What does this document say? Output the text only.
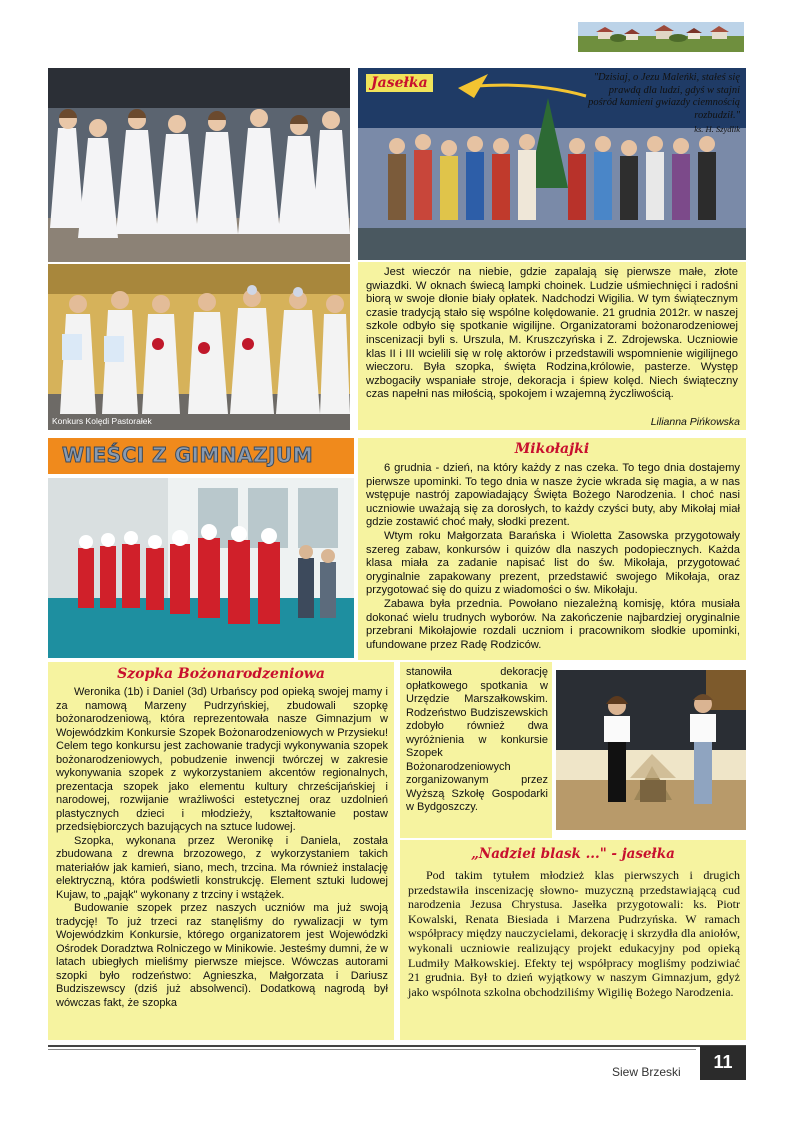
Konkurs Kolędi Pastorałek
Jasełka	"Dzisiaj, o Jezu Maleńki, stałeś się prawdą dla ludzi, gdyś w stajni pośród kamieni gwiazdy ciemnością rozbudził."
ks. H. Szydlik

Jest wieczór na niebie, gdzie zapalają się pierwsze małe, złote gwiazdki. W oknach świecą lampki choinek. Ludzie uśmiechnięci i radośni biorą w swoje dłonie biały opłatek. Nadchodzi Wigilia. W tym świątecznym czasie tradycją stało się wspólne kolędowanie. 21 grudnia 2012r. w naszej szkole odbyło się spotkanie wigilijne. Organizatorami bożonarodzeniowej inscenizacji byli s. Urszula, M. Kruszczyńska i Z. Zdrojewska. Uczniowie klas II i III wcielili się w rolę aktorów i przedstawili wspomnienie wigilijnego wieczoru. Była szopka, święta Rodzina,królowie, pasterze. Występ wzbogaciły wspaniałe stroje, dekoracja i śpiew kolęd. Niech świąteczny czas napełni nas miłością, spokojem i wzajemną życzliwością.

Lilianna Pińkowska
WIEŚCI Z GIMNAZJUM	Mikołajki

6 grudnia - dzień, na który każdy z nas czeka. To tego dnia dostajemy pierwsze upominki. To tego dnia w nasze życie wkrada się magia, a w nas wstępuje nastrój zapowiadający Święta Bożego Narodzenia. I choć nasi uczniowie uważają się za dorosłych, to każdy czyści buty, aby Mikołaj miał gdzie zostawić choć mały, słodki prezent.

Wtym roku Małgorzata Barańska i Wioletta Zasowska przygotowały szereg zabaw, konkursów i quizów dla naszych podopiecznych. Każda klasa miała za zadanie napisać list do św. Mikołaja, przygotować oryginalnie zapakowany prezent, przedstawić swojego Mikołaja, oraz przygotować się do quizu z wiadomości o św. Mikołaju.

Zabawa była przednia. Powołano niezależną komisję, która musiała dokonać wielu trudnych wyborów. Na zakończenie najbardziej oryginalnie przebrani Mikołajowie rozdali uczniom i pracownikom słodkie upominki, ufundowane przez Radę Rodziców.

Szopka Bożonarodzeniowa

Weronika (1b) i Daniel (3d) Urbańscy pod opieką swojej mamy i za namową Marzeny Pudrzyńskiej, zbudowali szopkę bożonarodzeniową, która reprezentowała nasze Gimnazjum w Wojewódzkim Konkursie Szopek Bożonarodzeniowych w Przysieku! Celem tego konkursu jest zachowanie tradycji wykonywania szopek bożonarodzeniowych, pobudzenie inwencji twórczej w zakresie wykonywania szopek z wykorzystaniem akcentów regionalnych, prezentacja szopek jako elementu kultury chrześcijańskiej i narodowej, rozwijanie wrażliwości estetycznej oraz uzdolnień plastycznych dzieci i młodzieży, kształtowanie postaw przedsiębiorczych bazujących na sztuce ludowej.

Szopka, wykonana przez Weronikę i Daniela, została zbudowana z drewna brzozowego, z wykorzystaniem takich materiałów jak kamień, siano, mech, trzcina. Ma również instalację elektryczną, która podświetli konstrukcję. Element sztuki ludowej Kujaw, to „pająk" wykonany z trzciny i wstążek.

Budowanie szopek przez naszych uczniów ma już swoją tradycję! To już trzeci raz stanęliśmy do rywalizacji w tym Wojewódzkim Konkursie, którego organizatorem jest Wojewódzki Ośrodek Doradztwa Rolniczego w Minikowie. Jesteśmy dumni, że w latach ubiegłych mieliśmy pierwsze miejsce. Wówczas autorami szopki było rodzeństwo: Agnieszka, Małgorzata i Dariusz Budziszewscy (dziś już absolwenci). Dodatkową nagrodą był wówczas fakt, że szopka

stanowiła dekorację opłatkowego spotkania w Urzędzie Marszałkowskim. Rodzeństwo Budziszewskich zdobyło również dwa wyróżnienia w konkursie Szopek Bożonarodzeniowych zorganizowanym przez Wyższą Szkołę Gospodarki w Bydgoszczy.

„Nadziei blask ..." - jasełka

Pod takim tytułem młodzież klas pierwszych i drugich przedstawiła inscenizację słowno- muzyczną przedstawiającą cud narodzenia Jezusa Chrystusa. Jasełka przygotowali: ks. Piotr Kowalski, Renata Biesiada i Marzena Pudrzyńska. W ramach współpracy między nauczycielami, dekorację i skrzydła dla aniołów, wykonali uczniowie realizujący projekt edukacyjny pod opieką Ludmiły Małkowskiej. Efekty tej współpracy mogliśmy podziwiać 21 grudnia. Był to dzień wyjątkowy w naszym Gimnazjum, gdyż jako wspólnota szkolna obchodziliśmy Wigilię Bożego Narodzenia.

Siew Brzeski	11
